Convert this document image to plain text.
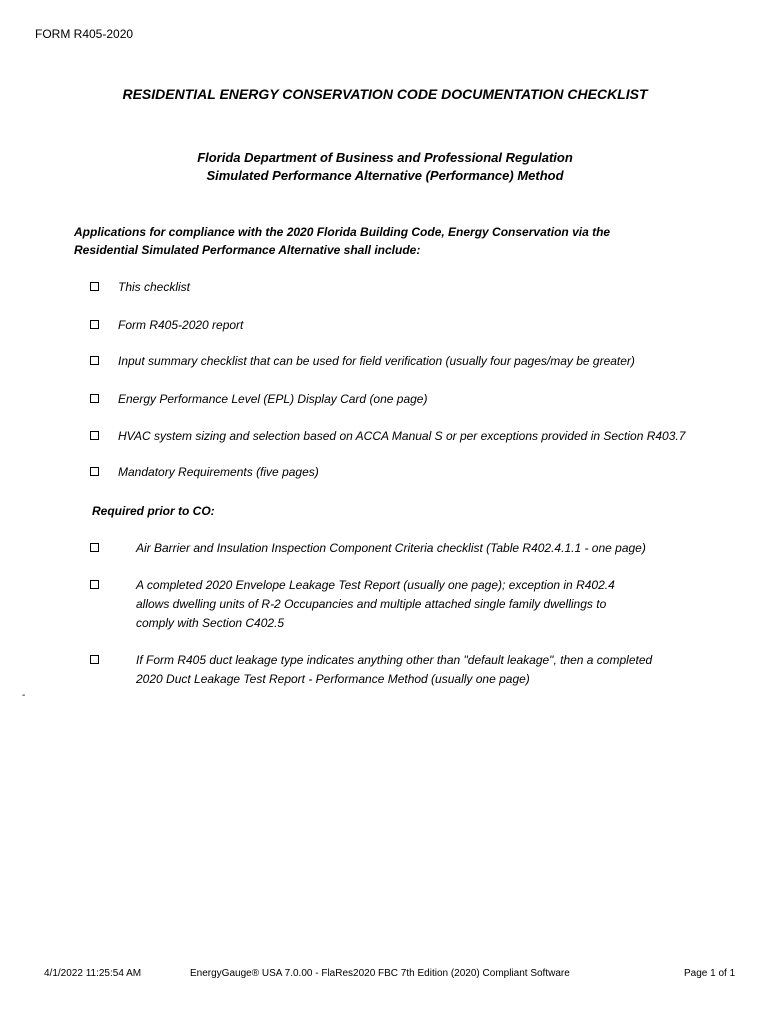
FORM R405-2020
RESIDENTIAL ENERGY CONSERVATION CODE DOCUMENTATION CHECKLIST
Florida Department of Business and Professional Regulation
Simulated Performance Alternative (Performance) Method
Applications for compliance with the 2020 Florida Building Code, Energy Conservation via the
Residential Simulated Performance Alternative shall include:
This checklist
Form R405-2020 report
Input summary checklist that can be used for field verification (usually four pages/may be greater)
Energy Performance Level (EPL) Display Card (one page)
HVAC system sizing and selection based on ACCA Manual S or per exceptions provided in Section R403.7
Mandatory Requirements (five pages)
Required prior to CO:
Air Barrier and Insulation Inspection Component Criteria checklist (Table R402.4.1.1 - one page)
A completed 2020 Envelope Leakage Test Report (usually one page); exception in R402.4
allows dwelling units of R-2 Occupancies and multiple attached single family dwellings to
comply with Section C402.5
If Form R405 duct leakage type indicates anything other than "default leakage", then a completed
2020 Duct Leakage Test Report - Performance Method (usually one page)
-
4/1/2022 11:25:54 AM	EnergyGauge® USA 7.0.00 - FlaRes2020 FBC 7th Edition (2020) Compliant Software	Page 1 of 1
